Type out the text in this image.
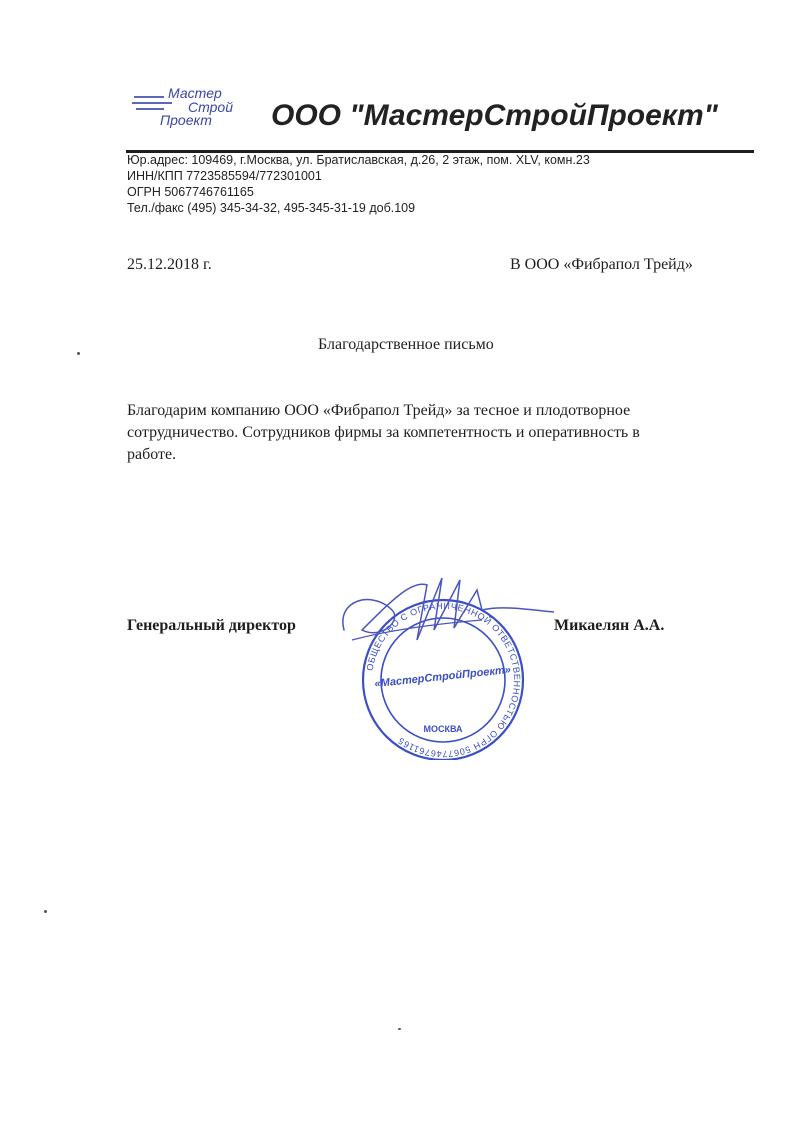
Мастер
Строй
Проект ООО "МастерСтройПроект"
Юр.адрес: 109469, г.Москва, ул. Братиславская, д.26, 2 этаж, пом. XLV, комн.23
ИНН/КПП 7723585594/772301001
ОГРН 5067746761165
Тел./факс (495) 345-34-32, 495-345-31-19 доб.109
25.12.2018 г.	В ООО «Фибрапол Трейд»
Благодарственное письмо
Благодарим компанию ООО «Фибрапол Трейд» за тесное и плодотворное
сотрудничество. Сотрудников фирмы за компетентность и оперативность в
работе.
Генеральный директор	Микаелян А.А.
ОБЩЕСТВО С ОГРАНИЧЕННОЙ ОТВЕТСТВЕННОСТЬЮ ОГРН 5067746761165
МОСКВА
«МастерСтройПроект»
